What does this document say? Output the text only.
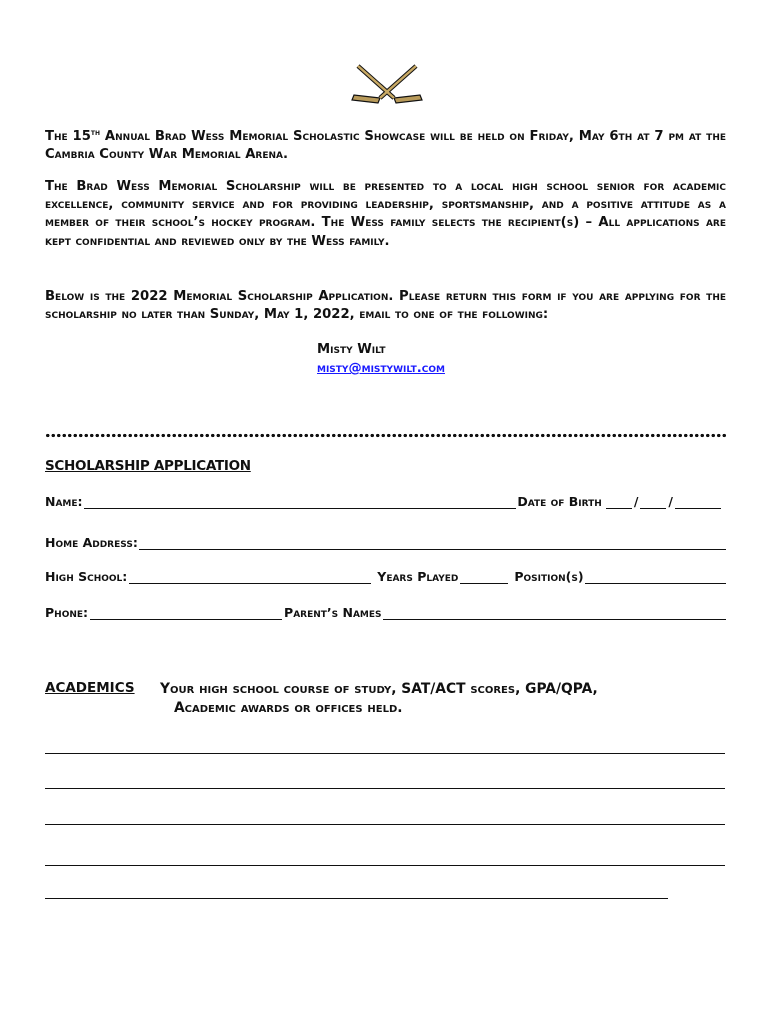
The 15th Annual Brad Wess Memorial Scholastic Showcase will be held on Friday, May 6th at 7 pm at the Cambria County War Memorial Arena.
The Brad Wess Memorial Scholarship will be presented to a local high school senior for academic excellence, community service and for providing leadership, sportsmanship, and a positive attitude as a member of their school’s hockey program. The Wess family selects the recipient(s) – All applications are kept confidential and reviewed only by the Wess family.
Below is the 2022 Memorial Scholarship Application. Please return this form if you are applying for the scholarship no later than Sunday, May 1, 2022, email to one of the following:
Misty Wilt
misty@mistywilt.com
SCHOLARSHIP APPLICATION
Name:	Date of Birth	/ /
Home Address:
High School:	Years Played	Position(s)
Phone:	Parent’s Names
ACADEMICS Your high school course of study, SAT/ACT scores, GPA/QPA,
Academic awards or offices held.
